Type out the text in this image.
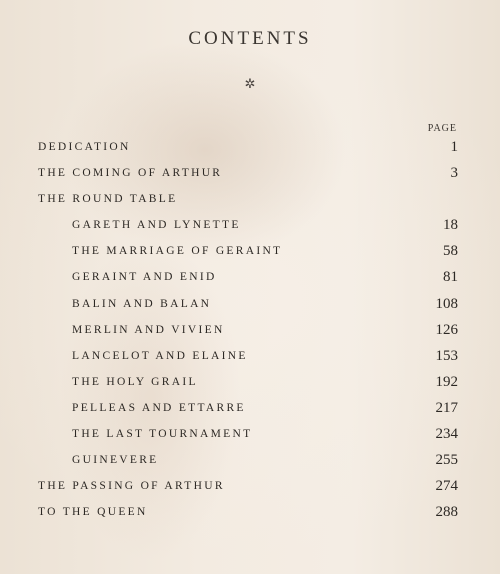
CONTENTS
✲
PAGE
DEDICATION	1
THE COMING OF ARTHUR	3
THE ROUND TABLE
GARETH AND LYNETTE	18
THE MARRIAGE OF GERAINT	58
GERAINT AND ENID	81
BALIN AND BALAN	108
MERLIN AND VIVIEN	126
LANCELOT AND ELAINE	153
THE HOLY GRAIL	192
PELLEAS AND ETTARRE	217
THE LAST TOURNAMENT	234
GUINEVERE	255
THE PASSING OF ARTHUR	274
TO THE QUEEN	288
